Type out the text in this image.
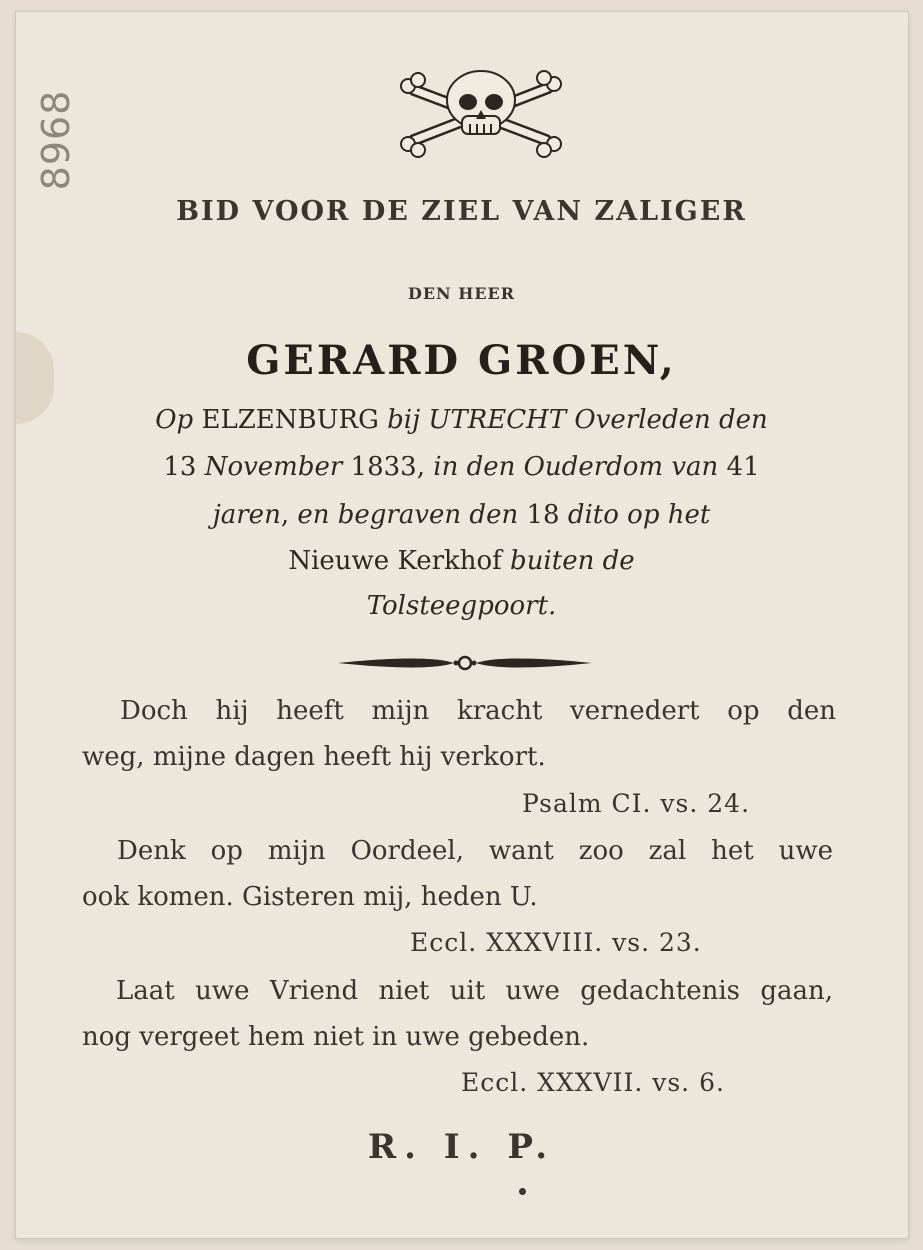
8968
BID VOOR DE ZIEL VAN ZALIGER
DEN HEER
GERARD GROEN,
Op ELZENBURG bij UTRECHT Overleden den
13 November 1833, in den Ouderdom van 41
jaren, en begraven den 18 dito op het
Nieuwe Kerkhof buiten de
Tolsteegpoort.
Doch hij heeft mijn kracht vernedert op den
weg, mijne dagen heeft hij verkort.
Psalm CI. vs. 24.
Denk op mijn Oordeel, want zoo zal het uwe
ook komen. Gisteren mij, heden U.
Eccl. XXXVIII. vs. 23.
Laat uwe Vriend niet uit uwe gedachtenis gaan,
nog vergeet hem niet in uwe gebeden.
Eccl. XXXVII. vs. 6.
R. I. P.
